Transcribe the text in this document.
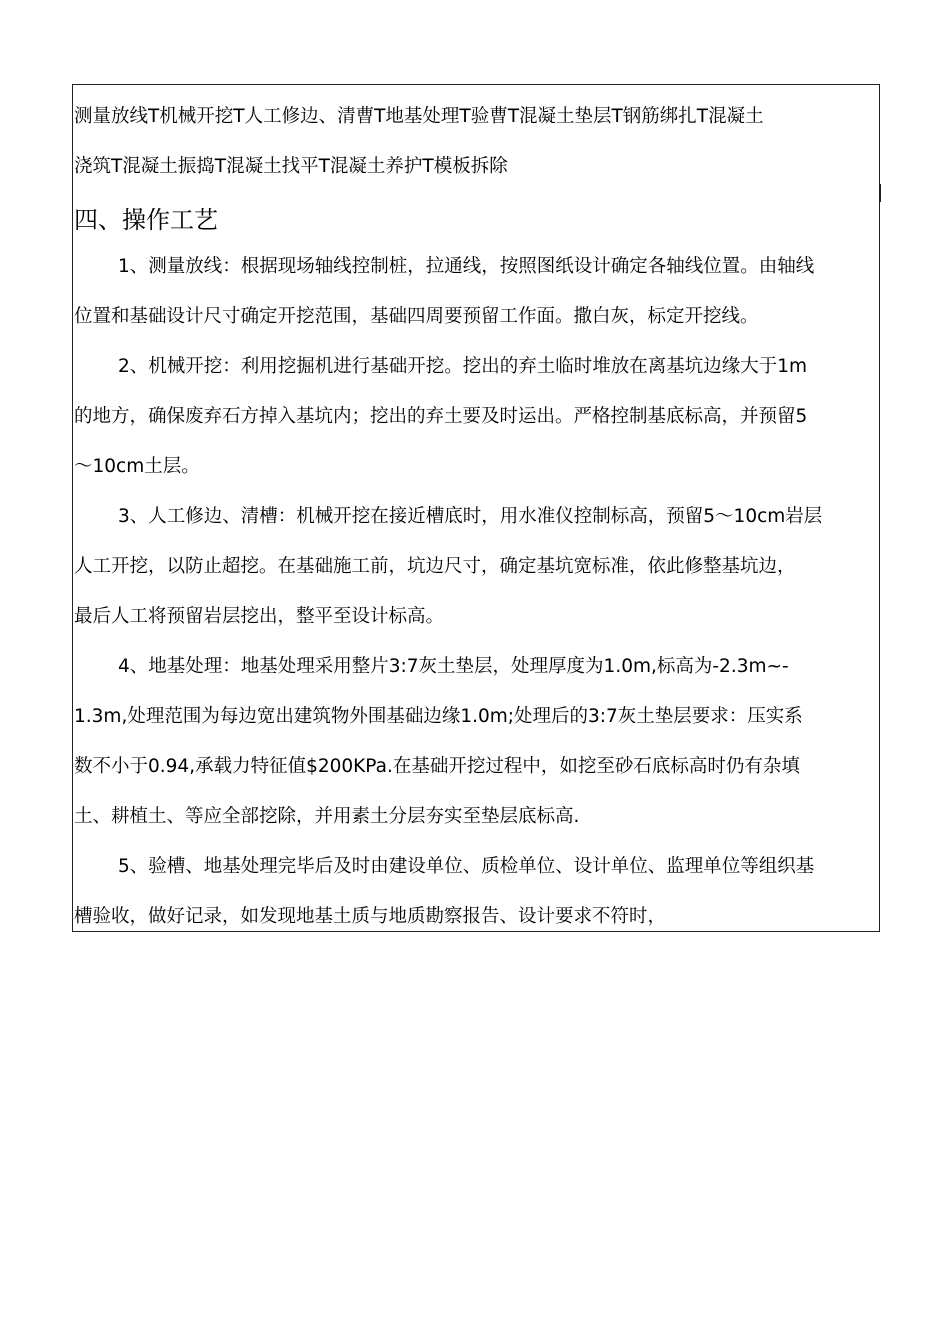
测量放线T机械开挖T人工修边、清曹T地基处理T验曹T混凝土垫层T钢筋绑扎T混凝土
浇筑T混凝土振捣T混凝土找平T混凝土养护T模板拆除
四、操作工艺
1、测量放线：根据现场轴线控制桩，拉通线，按照图纸设计确定各轴线位置。由轴线
位置和基础设计尺寸确定开挖范围，基础四周要预留工作面。撒白灰，标定开挖线。
2、机械开挖：利用挖掘机进行基础开挖。挖出的弃土临时堆放在离基坑边缘大于1m
的地方，确保废弃石方掉入基坑内；挖出的弃土要及时运出。严格控制基底标高，并预留5
〜10cm土层。
3、人工修边、清槽：机械开挖在接近槽底时，用水准仪控制标高，预留5〜10cm岩层
人工开挖，以防止超挖。在基础施工前，坑边尺寸，确定基坑宽标准，依此修整基坑边，
最后人工将预留岩层挖出，整平至设计标高。
4、地基处理：地基处理采用整片3:7灰土垫层，处理厚度为1.0m,标高为-2.3m~-
1.3m,处理范围为每边宽出建筑物外围基础边缘1.0m;处理后的3:7灰土垫层要求：压实系
数不小于0.94,承载力特征值$200KPa.在基础开挖过程中，如挖至砂石底标高时仍有杂填
土、耕植土、等应全部挖除，并用素土分层夯实至垫层底标高.
5、验槽、地基处理完毕后及时由建设单位、质检单位、设计单位、监理单位等组织基
槽验收，做好记录，如发现地基土质与地质勘察报告、设计要求不符时，
